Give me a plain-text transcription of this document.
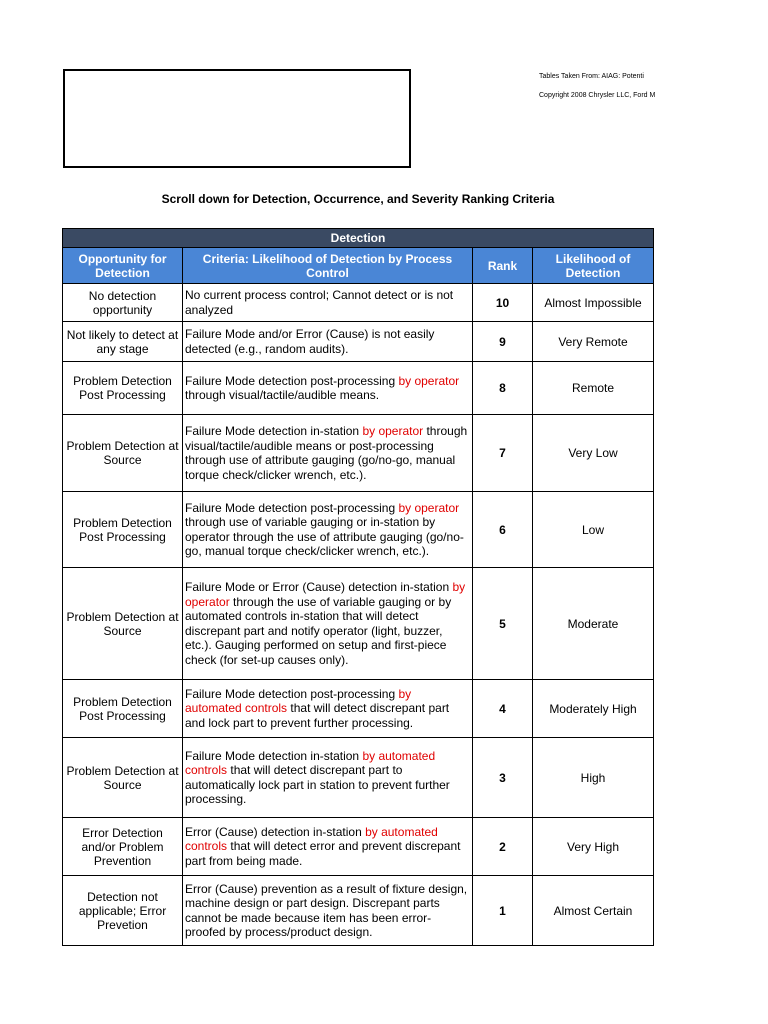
Tables Taken From: AIAG: Potenti
Copyright 2008 Chrysler LLC, Ford M
Scroll down for Detection, Occurrence, and Severity Ranking Criteria
Detection			
Opportunity for Detection	Criteria: Likelihood of Detection by Process Control	Rank	Likelihood of Detection
No detection opportunity	No current process control; Cannot detect or is not analyzed	10	Almost Impossible
Not likely to detect at any stage	Failure Mode and/or Error (Cause) is not easily detected (e.g., random audits).	9	Very Remote
Problem Detection Post Processing	Failure Mode detection post-processing by operator through visual/tactile/audible means.	8	Remote
Problem Detection at Source	Failure Mode detection in-station by operator through visual/tactile/audible means or post-processing through use of attribute gauging (go/no-go, manual torque check/clicker wrench, etc.).	7	Very Low
Problem Detection Post Processing	Failure Mode detection post-processing by operator through use of variable gauging or in-station by operator through the use of attribute gauging (go/no-go, manual torque check/clicker wrench, etc.).	6	Low
Problem Detection at Source	Failure Mode or Error (Cause) detection in-station by operator through the use of variable gauging or by automated controls in-station that will detect discrepant part and notify operator (light, buzzer, etc.). Gauging performed on setup and first-piece check (for set-up causes only).	5	Moderate
Problem Detection Post Processing	Failure Mode detection post-processing by automated controls that will detect discrepant part and lock part to prevent further processing.	4	Moderately High
Problem Detection at Source	Failure Mode detection in-station by automated controls that will detect discrepant part to automatically lock part in station to prevent further processing.	3	High
Error Detection and/or Problem Prevention	Error (Cause) detection in-station by automated controls that will detect error and prevent discrepant part from being made.	2	Very High
Detection not applicable; Error Prevetion	Error (Cause) prevention as a result of fixture design, machine design or part design. Discrepant parts cannot be made because item has been error-proofed by process/product design.	1	Almost Certain
